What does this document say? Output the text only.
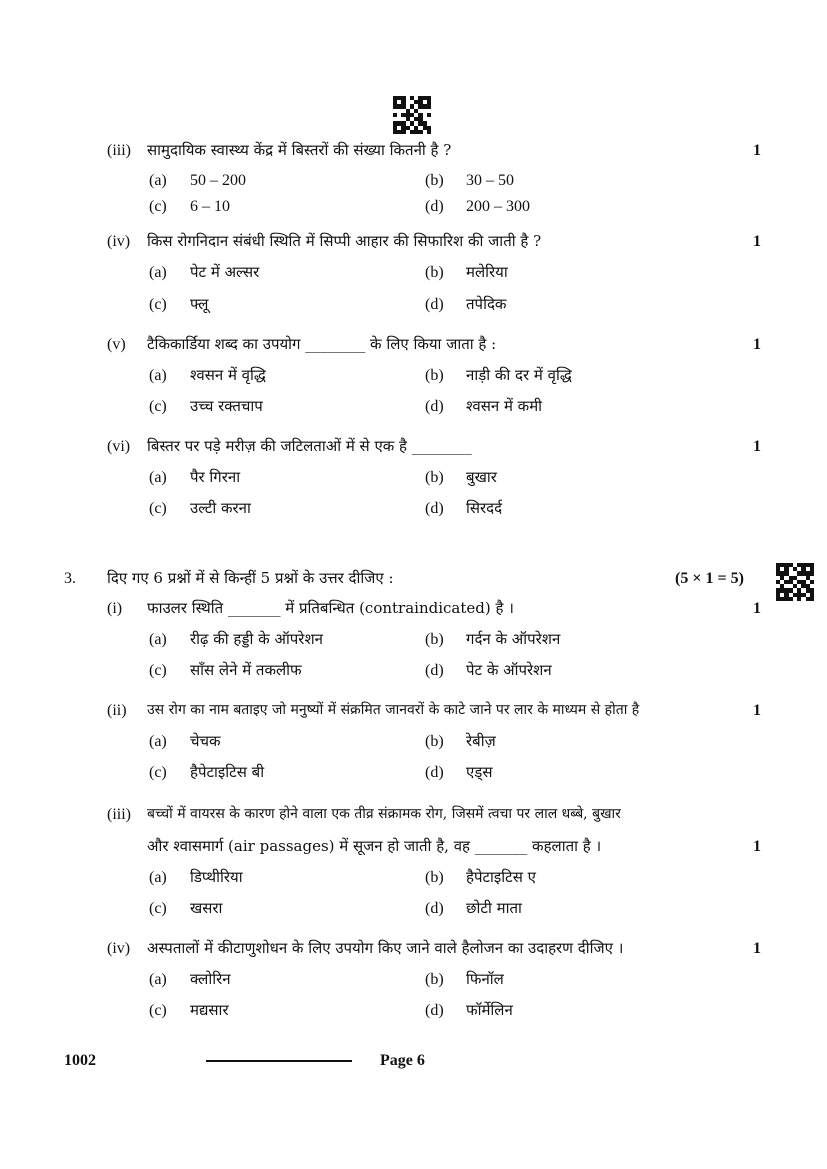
(iii) सामुदायिक स्वास्थ्य केंद्र में बिस्तरों की संख्या कितनी है ?	1
(a) 50 – 200	(b) 30 – 50
(c) 6 – 10	(d) 200 – 300
(iv) किस रोगनिदान संबंधी स्थिति में सिप्पी आहार की सिफारिश की जाती है ?	1
(a) पेट में अल्सर	(b) मलेरिया
(c) फ्लू	(d) तपेदिक
(v) टैकिकार्डिया शब्द का उपयोग ________ के लिए किया जाता है :	1
(a) श्वसन में वृद्धि	(b) नाड़ी की दर में वृद्धि
(c) उच्च रक्तचाप	(d) श्वसन में कमी
(vi) बिस्तर पर पड़े मरीज़ की जटिलताओं में से एक है ________	1
(a) पैर गिरना	(b) बुखार
(c) उल्टी करना	(d) सिरदर्द
3. दिए गए 6 प्रश्नों में से किन्हीं 5 प्रश्नों के उत्तर दीजिए :	(5 × 1 = 5)
(i) फाउलर स्थिति _______ में प्रतिबन्धित (contraindicated) है ।	1
(a) रीढ़ की हड्डी के ऑपरेशन	(b) गर्दन के ऑपरेशन
(c) साँस लेने में तकलीफ	(d) पेट के ऑपरेशन
(ii) उस रोग का नाम बताइए जो मनुष्यों में संक्रमित जानवरों के काटे जाने पर लार के माध्यम से होता है	1
(a) चेचक	(b) रेबीज़
(c) हैपेटाइटिस बी	(d) एड्स
(iii) बच्चों में वायरस के कारण होने वाला एक तीव्र संक्रामक रोग, जिसमें त्वचा पर लाल धब्बे, बुखार
और श्वासमार्ग (air passages) में सूजन हो जाती है, वह _______ कहलाता है ।	1
(a) डिप्थीरिया	(b) हैपेटाइटिस ए
(c) खसरा	(d) छोटी माता
(iv) अस्पतालों में कीटाणुशोधन के लिए उपयोग किए जाने वाले हैलोजन का उदाहरण दीजिए ।	1
(a) क्लोरिन	(b) फिनॉल
(c) मद्यसार	(d) फॉर्मेलिन
1002	Page 6
